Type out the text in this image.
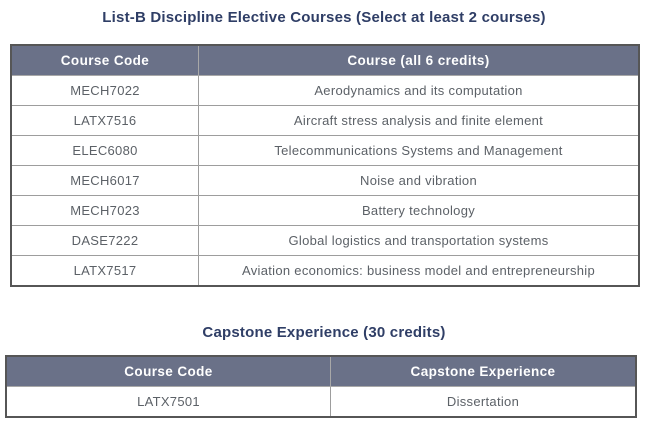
List-B Discipline Elective Courses (Select at least 2 courses)
Course Code	Course (all 6 credits)
MECH7022	Aerodynamics and its computation
LATX7516	Aircraft stress analysis and finite element
ELEC6080	Telecommunications Systems and Management
MECH6017	Noise and vibration
MECH7023	Battery technology
DASE7222	Global logistics and transportation systems
LATX7517	Aviation economics: business model and entrepreneurship
Capstone Experience (30 credits)
Course Code	Capstone Experience
LATX7501	Dissertation
